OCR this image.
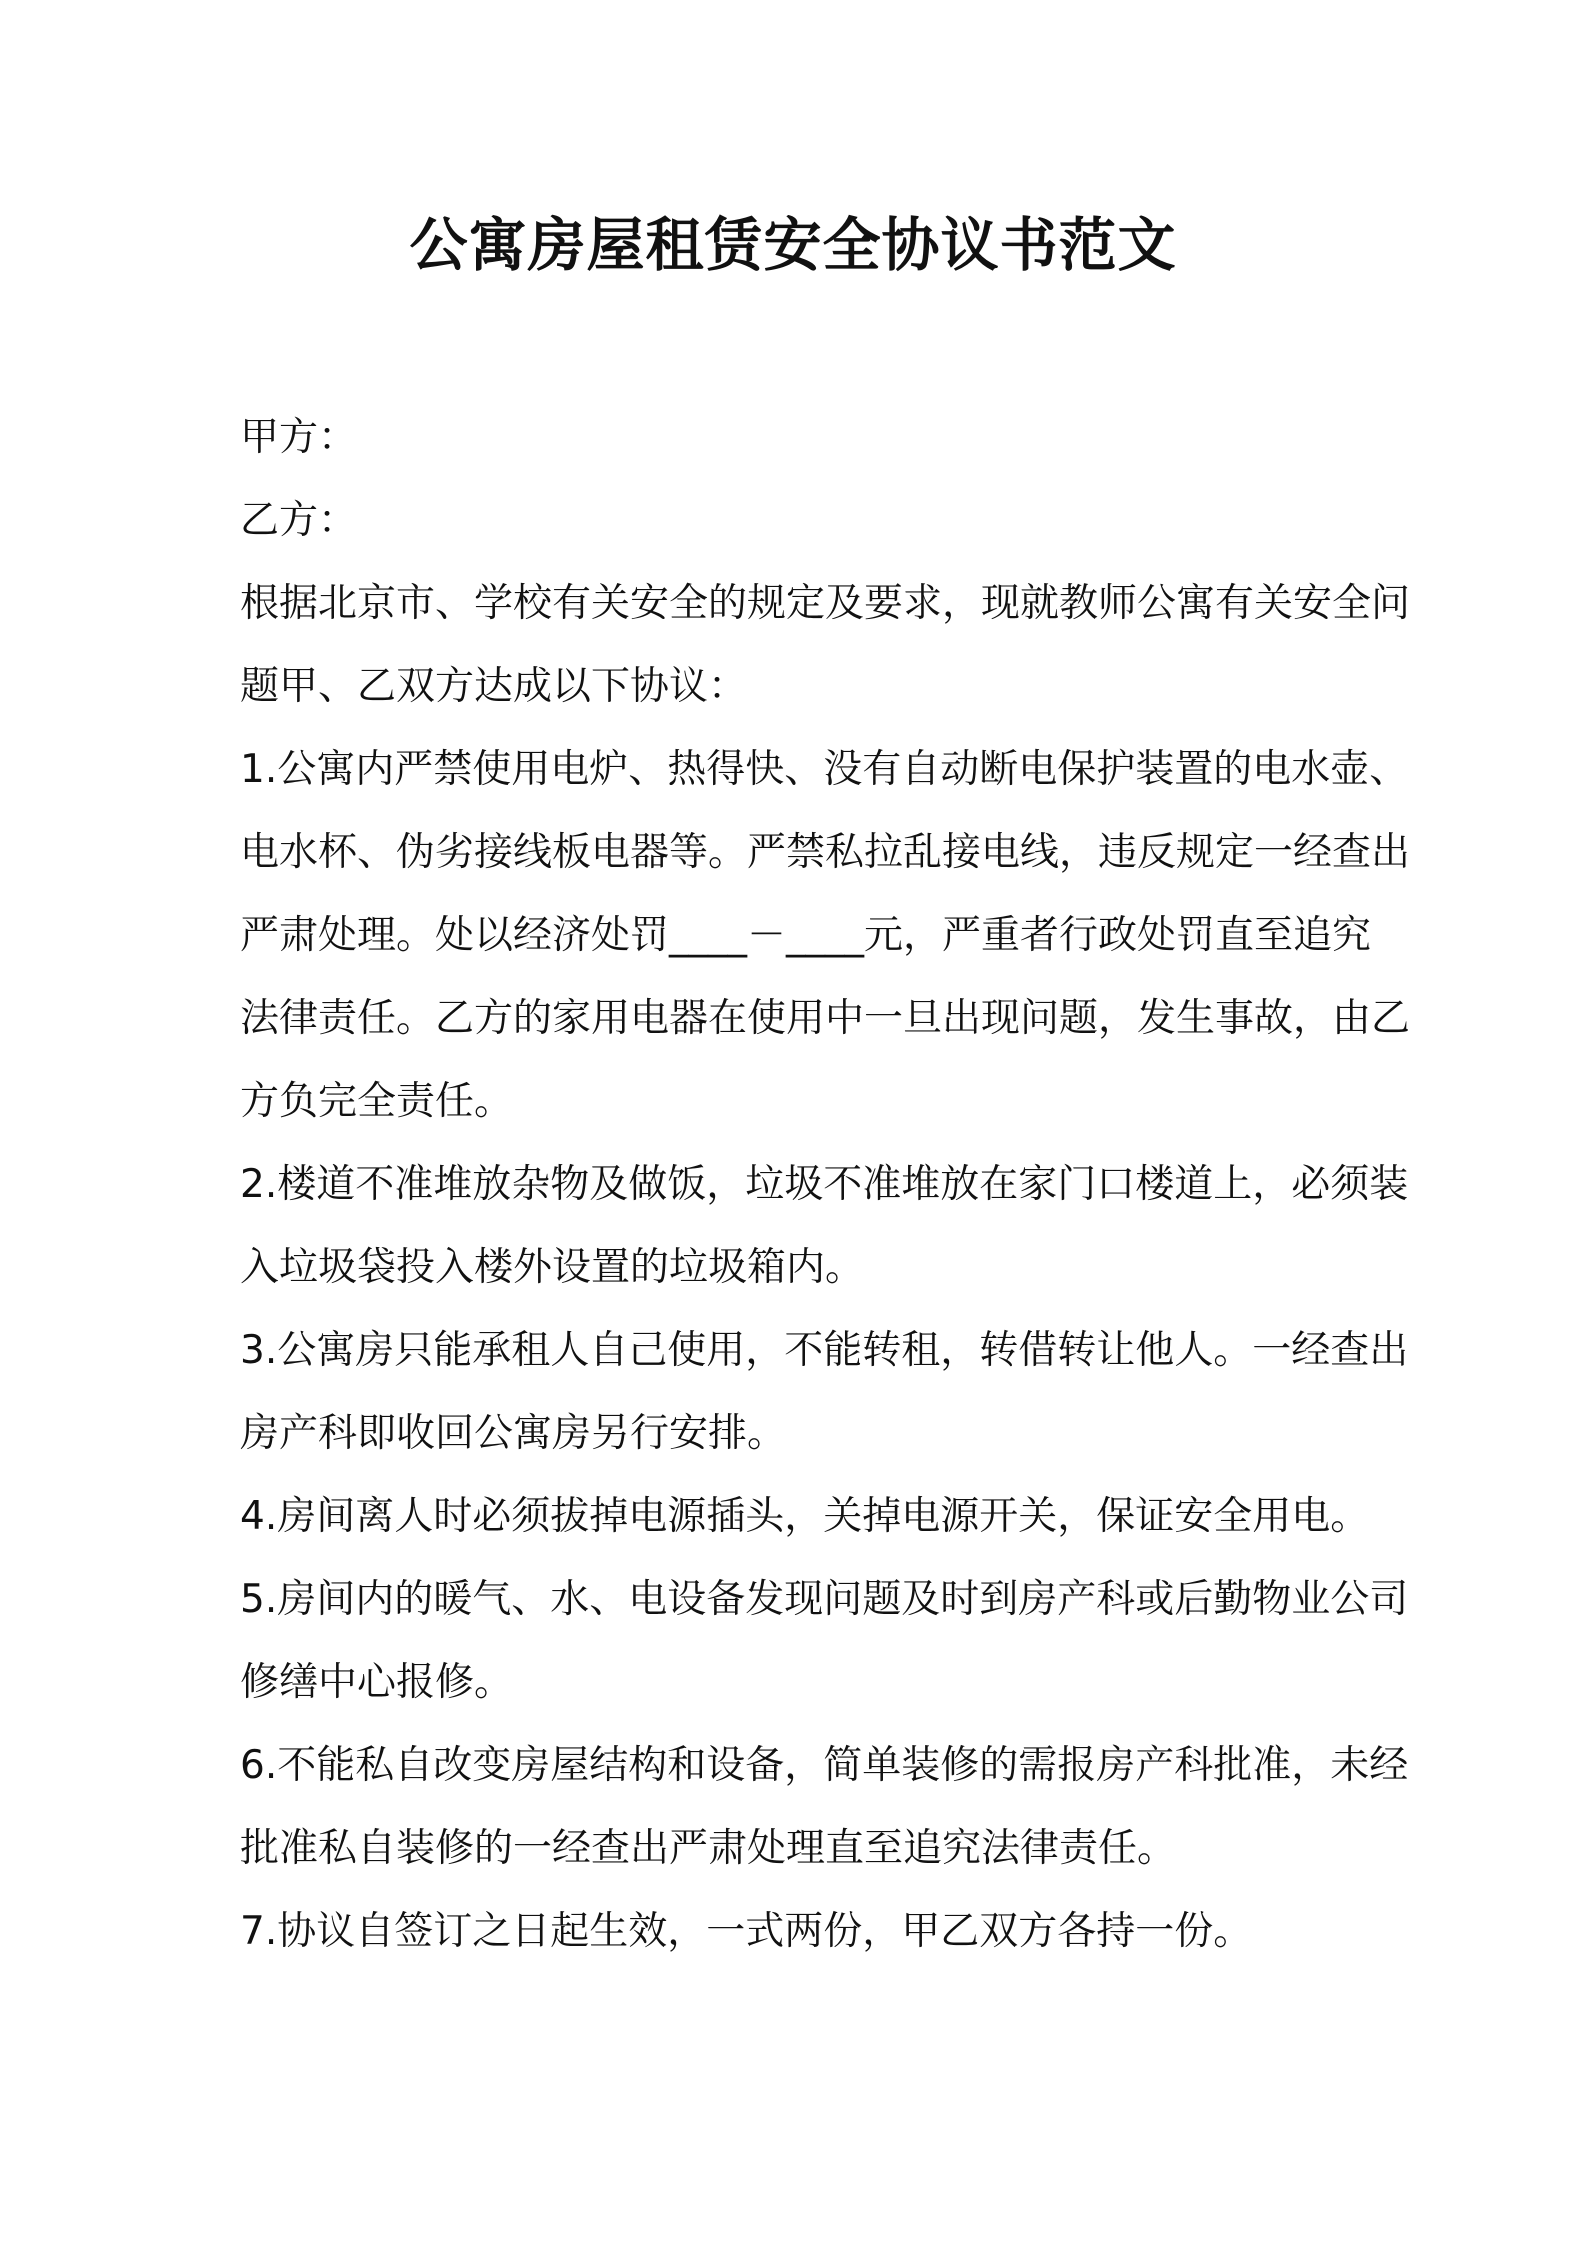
公寓房屋租赁安全协议书范文
甲方：
乙方：
根据北京市、学校有关安全的规定及要求，现就教师公寓有关安全问
题甲、乙双方达成以下协议：
1.公寓内严禁使用电炉、热得快、没有自动断电保护装置的电水壶、
电水杯、伪劣接线板电器等。严禁私拉乱接电线，违反规定一经查出
严肃处理。处以经济处罚____－____元，严重者行政处罚直至追究
法律责任。乙方的家用电器在使用中一旦出现问题，发生事故，由乙
方负完全责任。
2.楼道不准堆放杂物及做饭，垃圾不准堆放在家门口楼道上，必须装
入垃圾袋投入楼外设置的垃圾箱内。
3.公寓房只能承租人自己使用，不能转租，转借转让他人。一经查出
房产科即收回公寓房另行安排。
4.房间离人时必须拔掉电源插头，关掉电源开关，保证安全用电。
5.房间内的暖气、水、电设备发现问题及时到房产科或后勤物业公司
修缮中心报修。
6.不能私自改变房屋结构和设备，简单装修的需报房产科批准，未经
批准私自装修的一经查出严肃处理直至追究法律责任。
7.协议自签订之日起生效，一式两份，甲乙双方各持一份。
